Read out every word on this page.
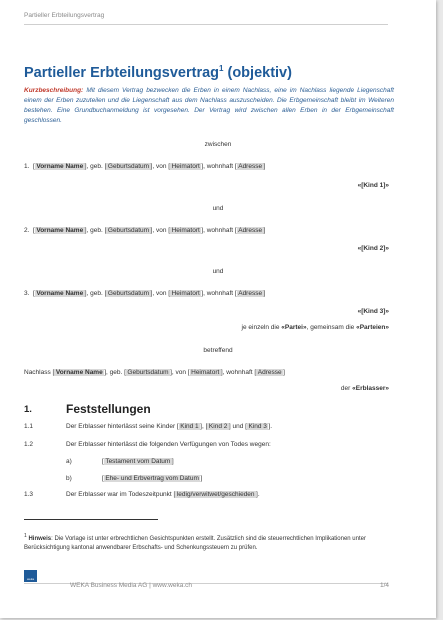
Partieller Erbteilungsvertrag
Partieller Erbteilungsvertrag$^1$ (objektiv)
Kurzbeschreibung: Mit diesem Vertrag bezwecken die Erben in einem Nachlass, eine im Nachlass liegende Liegenschaft einem der Erben zuzuteilen und die Liegenschaft aus dem Nachlass auszuscheiden. Die Erbgemeinschaft bleibt im Weiteren bestehen. Eine Grundbuchanmeldung ist vorgesehen. Der Vertrag wird zwischen allen Erben in der Erbgemeinschaft geschlossen.
zwischen
1.  [ Vorname Name ], geb. [ Geburtsdatum ], von [ Heimatort ], wohnhaft [ Adresse ]
«[Kind 1]»
und
2.  [ Vorname Name ], geb. [ Geburtsdatum ], von [ Heimatort ], wohnhaft [ Adresse ]
«[Kind 2]»
und
3.  [ Vorname Name ], geb. [ Geburtsdatum ], von [ Heimatort ], wohnhaft [ Adresse ]
«[Kind 3]»
je einzeln die «Partei», gemeinsam die «Parteien»
betreffend
Nachlass [ Vorname Name ], geb. [ Geburtsdatum ], von [ Heimatort ], wohnhaft [ Adresse ]
der «Erblasser»
1.	Feststellungen
1.1	Der Erblasser hinterlässt seine Kinder [ Kind 1 ], [ Kind 2 ] und [ Kind 3 ].
1.2	Der Erblasser hinterlässt die folgenden Verfügungen von Todes wegen:
a)	[ Testament vom Datum ]
b)	[ Ehe- und Erbvertrag vom Datum ]
1.3	Der Erblasser war im Todeszeitpunkt [ ledig/verwitwet/geschieden ].
$^1$ Hinweis: Die Vorlage ist unter erbrechtlichen Gesichtspunkten erstellt. Zusätzlich sind die steuerrechtlichen Implikationen unter Berücksichtigung kantonal anwendbarer Erbschafts- und Schenkungssteuern zu prüfen.
weka
WEKA Business Media AG | www.weka.ch	1/4
